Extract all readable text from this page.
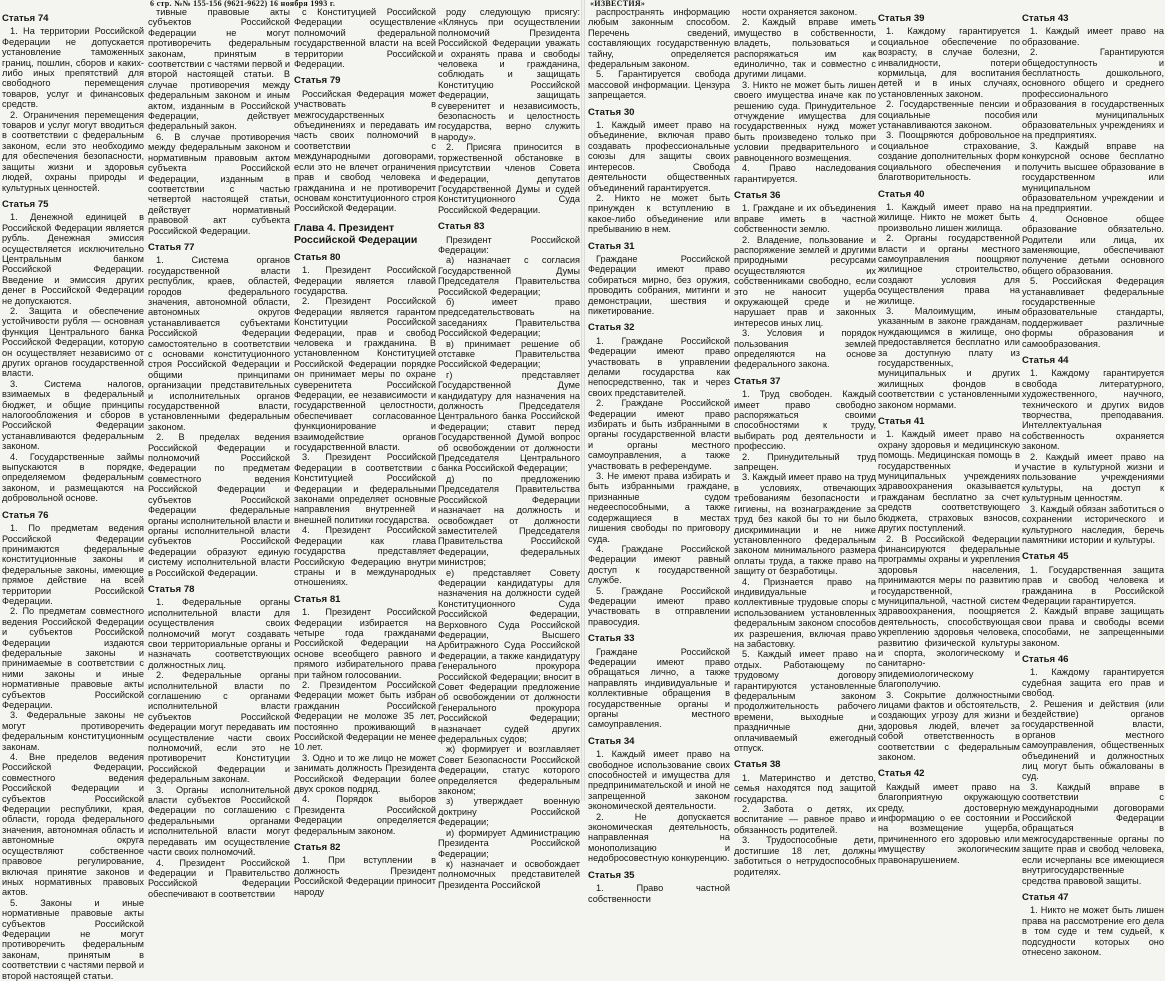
6 стр. №№ 155-156 (9621-9622) 16 ноября 1993 г.
Статья 74
1. На территории Российской Федерации не допускается установление таможенных границ, пошлин, сборов и каких-либо иных препятствий для свободного перемещения товаров, услуг и финансовых средств.
2. Ограничения перемещения товаров и услуг могут вводиться в соответствии с федеральным законом, если это необходимо для обеспечения безопасности, защиты жизни и здоровья людей, охраны природы и культурных ценностей.
Статья 75
1. Денежной единицей в Российской Федерации является рубль. Денежная эмиссия осуществляется исключительно Центральным банком Российской Федерации. Введение и эмиссия других денег в Российской Федерации не допускаются.
2. Защита и обеспечение устойчивости рубля — основная функция Центрального банка Российской Федерации, которую он осуществляет независимо от других органов государственной власти.
3. Система налогов, взимаемых в федеральный бюджет, и общие принципы налогообложения и сборов в Российской Федерации устанавливаются федеральным законом.
4. Государственные займы выпускаются в порядке, определяемом федеральным законом, и размещаются на добровольной основе.
Статья 76
1. По предметам ведения Российской Федерации принимаются федеральные конституционные законы и федеральные законы, имеющие прямое действие на всей территории Российской Федерации.
2. По предметам совместного ведения Российской Федерации и субъектов Российской Федерации издаются федеральные законы и принимаемые в соответствии с ними законы и иные нормативные правовые акты субъектов Российской Федерации.
3. Федеральные законы не могут противоречить федеральным конституционным законам.
4. Вне пределов ведения Российской Федерации, совместного ведения Российской Федерации и субъектов Российской Федерации республики, края, области, города федерального значения, автономная область и автономные округа осуществляют собственное правовое регулирование, включая принятие законов и иных нормативных правовых актов.
5. Законы и иные нормативные правовые акты субъектов Российской Федерации не могут противоречить федеральным законам, принятым в соответствии с частями первой и второй настоящей статьи.
тивные правовые акты субъектов Российской Федерации не могут противоречить федеральным законам, принятым в соответствии с частями первой и второй настоящей статьи. В случае противоречия между федеральным законом и иным актом, изданным в Российской Федерации, действует федеральный закон.
6. В случае противоречия между федеральным законом и нормативным правовым актом субъекта Российской Федерации, изданным в соответствии с частью четвертой настоящей статьи, действует нормативный правовой акт субъекта Российской Федерации.
Статья 77
1. Система органов государственной власти республик, краев, областей, городов федерального значения, автономной области, автономных округов устанавливается субъектами Российской Федерации самостоятельно в соответствии с основами конституционного строя Российской Федерации и общими принципами организации представительных и исполнительных органов государственной власти, установленными федеральным законом.
2. В пределах ведения Российской Федерации и полномочий Российской Федерации по предметам совместного ведения Российской Федерации и субъектов Российской Федерации федеральные органы исполнительной власти и органы исполнительной власти субъектов Российской Федерации образуют единую систему исполнительной власти в Российской Федерации.
Статья 78
1. Федеральные органы исполнительной власти для осуществления своих полномочий могут создавать свои территориальные органы и назначать соответствующих должностных лиц.
2. Федеральные органы исполнительной власти по соглашению с органами исполнительной власти субъектов Российской Федерации могут передавать им осуществление части своих полномочий, если это не противоречит Конституции Российской Федерации и федеральным законам.
3. Органы исполнительной власти субъектов Российской Федерации по соглашению с федеральными органами исполнительной власти могут передавать им осуществление части своих полномочий.
4. Президент Российской Федерации и Правительство Российской Федерации обеспечивают в соответствии
с Конституцией Российской Федерации осуществление полномочий федеральной государственной власти на всей территории Российской Федерации.
Статья 79
Российская Федерация может участвовать в межгосударственных объединениях и передавать им часть своих полномочий в соответствии с международными договорами, если это не влечет ограничения прав и свобод человека и гражданина и не противоречит основам конституционного строя Российской Федерации.
Глава 4. Президент Российской Федерации
Статья 80
1. Президент Российской Федерации является главой государства.
2. Президент Российской Федерации является гарантом Конституции Российской Федерации, прав и свобод человека и гражданина. В установленном Конституцией Российской Федерации порядке он принимает меры по охране суверенитета Российской Федерации, ее независимости и государственной целостности, обеспечивает согласованное функционирование и взаимодействие органов государственной власти.
3. Президент Российской Федерации в соответствии с Конституцией Российской Федерации и федеральными законами определяет основные направления внутренней и внешней политики государства.
4. Президент Российской Федерации как глава государства представляет Российскую Федерацию внутри страны и в международных отношениях.
Статья 81
1. Президент Российской Федерации избирается на четыре года гражданами Российской Федерации на основе всеобщего равного и прямого избирательного права при тайном голосовании.
2. Президентом Российской Федерации может быть избран гражданин Российской Федерации не моложе 35 лет, постоянно проживающий в Российской Федерации не менее 10 лет.
3. Одно и то же лицо не может занимать должность Президента Российской Федерации более двух сроков подряд.
4. Порядок выборов Президента Российской Федерации определяется федеральным законом.
Статья 82
1. При вступлении в должность Президент Российской Федерации приносит народу
роду следующую присягу: «Клянусь при осуществлении полномочий Президента Российской Федерации уважать и охранять права и свободы человека и гражданина, соблюдать и защищать Конституцию Российской Федерации, защищать суверенитет и независимость, безопасность и целостность государства, верно служить народу».
2. Присяга приносится в торжественной обстановке в присутствии членов Совета Федерации, депутатов Государственной Думы и судей Конституционного Суда Российской Федерации.
Статья 83
Президент Российской Федерации:
а) назначает с согласия Государственной Думы Председателя Правительства Российской Федерации;
б) имеет право председательствовать на заседаниях Правительства Российской Федерации;
в) принимает решение об отставке Правительства Российской Федерации;
г) представляет Государственной Думе кандидатуру для назначения на должность Председателя Центрального банка Российской Федерации; ставит перед Государственной Думой вопрос об освобождении от должности Председателя Центрального банка Российской Федерации;
д) по предложению Председателя Правительства Российской Федерации назначает на должность и освобождает от должности заместителей Председателя Правительства Российской Федерации, федеральных министров;
е) представляет Совету Федерации кандидатуры для назначения на должности судей Конституционного Суда Российской Федерации, Верховного Суда Российской Федерации, Высшего Арбитражного Суда Российской Федерации, а также кандидатуру Генерального прокурора Российской Федерации; вносит в Совет Федерации предложение об освобождении от должности Генерального прокурора Российской Федерации; назначает судей других федеральных судов;
ж) формирует и возглавляет Совет Безопасности Российской Федерации, статус которого определяется федеральным законом;
з) утверждает военную доктрину Российской Федерации;
и) формирует Администрацию Президента Российской Федерации;
к) назначает и освобождает полномочных представителей Президента Российской
«ИЗВЕСТИЯ»
распространять информацию любым законным способом. Перечень сведений, составляющих государственную тайну, определяется федеральным законом.
5. Гарантируется свобода массовой информации. Цензура запрещается.
Статья 30
1. Каждый имеет право на объединение, включая право создавать профессиональные союзы для защиты своих интересов. Свобода деятельности общественных объединений гарантируется.
2. Никто не может быть принужден к вступлению в какое-либо объединение или пребыванию в нем.
Статья 31
Граждане Российской Федерации имеют право собираться мирно, без оружия, проводить собрания, митинги и демонстрации, шествия и пикетирование.
Статья 32
1. Граждане Российской Федерации имеют право участвовать в управлении делами государства как непосредственно, так и через своих представителей.
2. Граждане Российской Федерации имеют право избирать и быть избранными в органы государственной власти и органы местного самоуправления, а также участвовать в референдуме.
3. Не имеют права избирать и быть избранными граждане, признанные судом недееспособными, а также содержащиеся в местах лишения свободы по приговору суда.
4. Граждане Российской Федерации имеют равный доступ к государственной службе.
5. Граждане Российской Федерации имеют право участвовать в отправлении правосудия.
Статья 33
Граждане Российской Федерации имеют право обращаться лично, а также направлять индивидуальные и коллективные обращения в государственные органы и органы местного самоуправления.
Статья 34
1. Каждый имеет право на свободное использование своих способностей и имущества для предпринимательской и иной не запрещенной законом экономической деятельности.
2. Не допускается экономическая деятельность, направленная на монополизацию и недобросовестную конкуренцию.
Статья 35
1. Право частной собственности
ности охраняется законом.
2. Каждый вправе иметь имущество в собственности, владеть, пользоваться и распоряжаться им как единолично, так и совместно с другими лицами.
3. Никто не может быть лишен своего имущества иначе как по решению суда. Принудительное отчуждение имущества для государственных нужд может быть произведено только при условии предварительного и равноценного возмещения.
4. Право наследования гарантируется.
Статья 36
1. Граждане и их объединения вправе иметь в частной собственности землю.
2. Владение, пользование и распоряжение землей и другими природными ресурсами осуществляются их собственниками свободно, если это не наносит ущерба окружающей среде и не нарушает прав и законных интересов иных лиц.
3. Условия и порядок пользования землей определяются на основе федерального закона.
Статья 37
1. Труд свободен. Каждый имеет право свободно распоряжаться своими способностями к труду, выбирать род деятельности и профессию.
2. Принудительный труд запрещен.
3. Каждый имеет право на труд в условиях, отвечающих требованиям безопасности и гигиены, на вознаграждение за труд без какой бы то ни было дискриминации и не ниже установленного федеральным законом минимального размера оплаты труда, а также право на защиту от безработицы.
4. Признается право на индивидуальные и коллективные трудовые споры с использованием установленных федеральным законом способов их разрешения, включая право на забастовку.
5. Каждый имеет право на отдых. Работающему по трудовому договору гарантируются установленные федеральным законом продолжительность рабочего времени, выходные и праздничные дни, оплачиваемый ежегодный отпуск.
Статья 38
1. Материнство и детство, семья находятся под защитой государства.
2. Забота о детях, их воспитание — равное право и обязанность родителей.
3. Трудоспособные дети, достигшие 18 лет, должны заботиться о нетрудоспособных родителях.
Статья 39
1. Каждому гарантируется социальное обеспечение по возрасту, в случае болезни, инвалидности, потери кормильца, для воспитания детей и в иных случаях, установленных законом.
2. Государственные пенсии и социальные пособия устанавливаются законом.
3. Поощряются добровольное социальное страхование, создание дополнительных форм социального обеспечения и благотворительность.
Статья 40
1. Каждый имеет право на жилище. Никто не может быть произвольно лишен жилища.
2. Органы государственной власти и органы местного самоуправления поощряют жилищное строительство, создают условия для осуществления права на жилище.
3. Малоимущим, иным указанным в законе гражданам, нуждающимся в жилище, оно предоставляется бесплатно или за доступную плату из государственных, муниципальных и других жилищных фондов в соответствии с установленными законом нормами.
Статья 41
1. Каждый имеет право на охрану здоровья и медицинскую помощь. Медицинская помощь в государственных и муниципальных учреждениях здравоохранения оказывается гражданам бесплатно за счет средств соответствующего бюджета, страховых взносов, других поступлений.
2. В Российской Федерации финансируются федеральные программы охраны и укрепления здоровья населения, принимаются меры по развитию государственной, муниципальной, частной систем здравоохранения, поощряется деятельность, способствующая укреплению здоровья человека, развитию физической культуры и спорта, экологическому и санитарно-эпидемиологическому благополучию.
3. Сокрытие должностными лицами фактов и обстоятельств, создающих угрозу для жизни и здоровья людей, влечет за собой ответственность в соответствии с федеральным законом.
Статья 42
Каждый имеет право на благоприятную окружающую среду, достоверную информацию о ее состоянии и на возмещение ущерба, причиненного его здоровью или имуществу экологическим правонарушением.
Статья 43
1. Каждый имеет право на образование.
2. Гарантируются общедоступность и бесплатность дошкольного, основного общего и среднего профессионального образования в государственных или муниципальных образовательных учреждениях и на предприятиях.
3. Каждый вправе на конкурсной основе бесплатно получить высшее образование в государственном или муниципальном образовательном учреждении и на предприятии.
4. Основное общее образование обязательно. Родители или лица, их заменяющие, обеспечивают получение детьми основного общего образования.
5. Российская Федерация устанавливает федеральные государственные образовательные стандарты, поддерживает различные формы образования и самообразования.
Статья 44
1. Каждому гарантируется свобода литературного, художественного, научного, технического и других видов творчества, преподавания. Интеллектуальная собственность охраняется законом.
2. Каждый имеет право на участие в культурной жизни и пользование учреждениями культуры, на доступ к культурным ценностям.
3. Каждый обязан заботиться о сохранении исторического и культурного наследия, беречь памятники истории и культуры.
Статья 45
1. Государственная защита прав и свобод человека и гражданина в Российской Федерации гарантируется.
2. Каждый вправе защищать свои права и свободы всеми способами, не запрещенными законом.
Статья 46
1. Каждому гарантируется судебная защита его прав и свобод.
2. Решения и действия (или бездействие) органов государственной власти, органов местного самоуправления, общественных объединений и должностных лиц могут быть обжалованы в суд.
3. Каждый вправе в соответствии с международными договорами Российской Федерации обращаться в межгосударственные органы по защите прав и свобод человека, если исчерпаны все имеющиеся внутригосударственные средства правовой защиты.
Статья 47
1. Никто не может быть лишен права на рассмотрение его дела в том суде и тем судьей, к подсудности которых оно отнесено законом.
